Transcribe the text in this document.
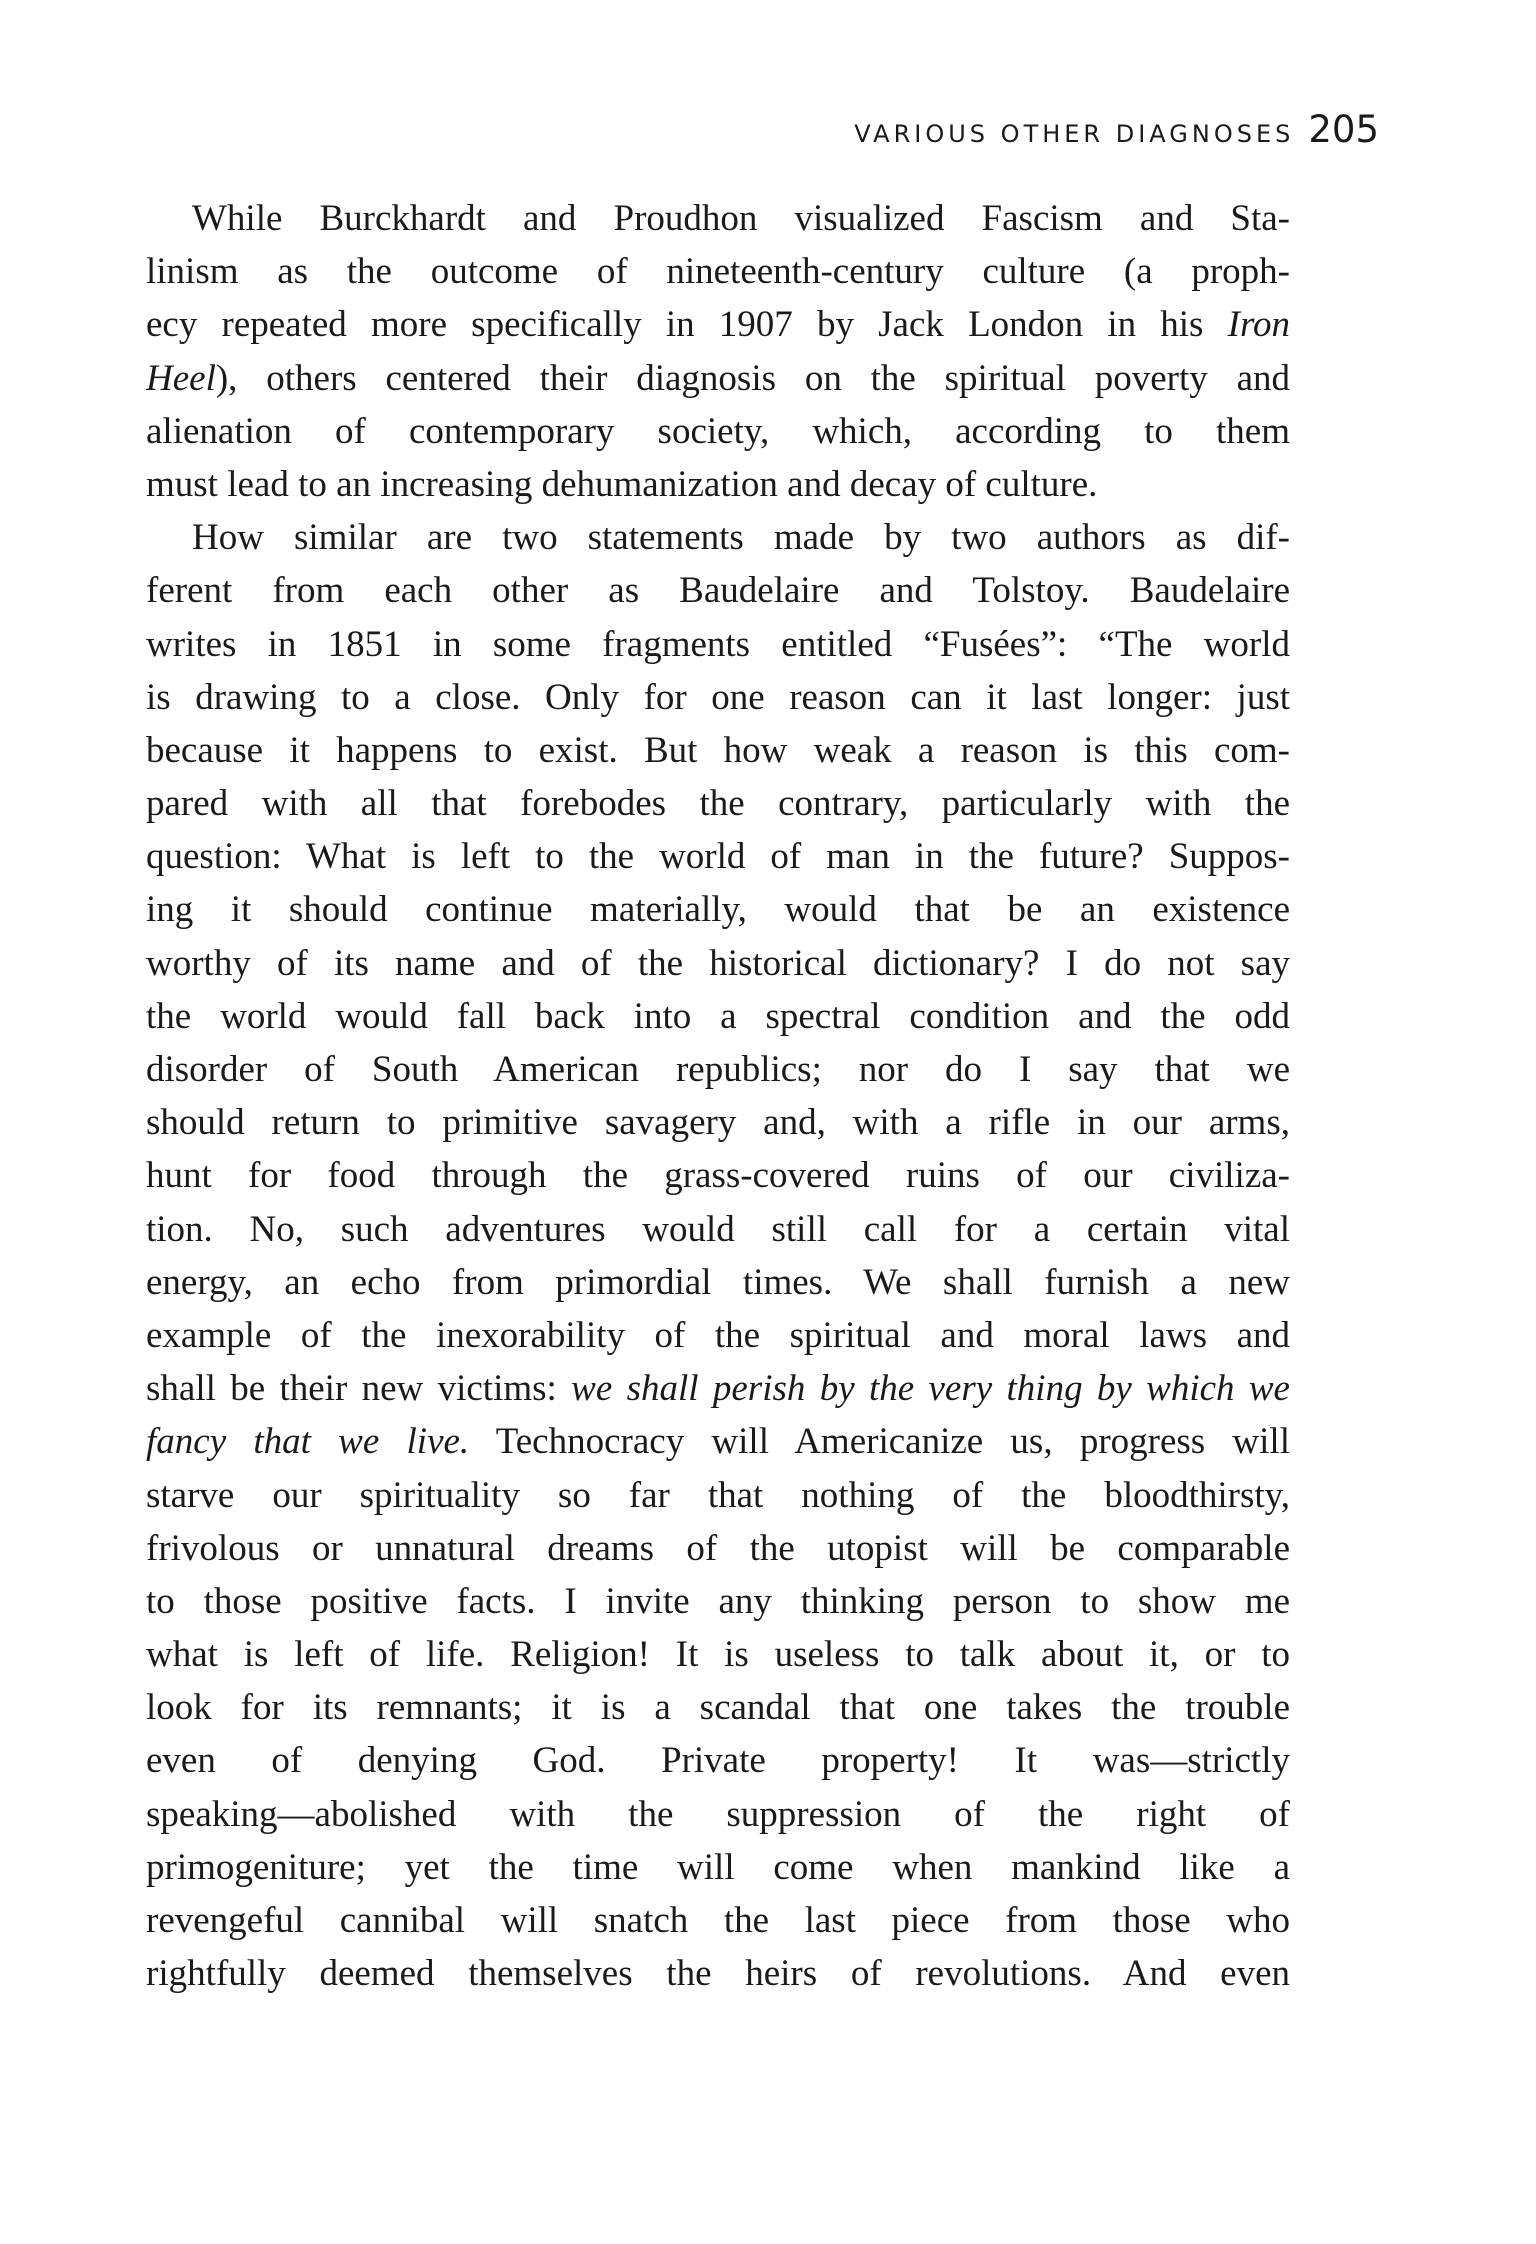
VARIOUS OTHER DIAGNOSES 205
While Burckhardt and Proudhon visualized Fascism and Sta-
linism as the outcome of nineteenth-century culture (a proph-
ecy repeated more specifically in 1907 by Jack London in his Iron
Heel), others centered their diagnosis on the spiritual poverty and
alienation of contemporary society, which, according to them
must lead to an increasing dehumanization and decay of culture.
How similar are two statements made by two authors as dif-
ferent from each other as Baudelaire and Tolstoy. Baudelaire
writes in 1851 in some fragments entitled “Fusées”: “The world
is drawing to a close. Only for one reason can it last longer: just
because it happens to exist. But how weak a reason is this com-
pared with all that forebodes the contrary, particularly with the
question: What is left to the world of man in the future? Suppos-
ing it should continue materially, would that be an existence
worthy of its name and of the historical dictionary? I do not say
the world would fall back into a spectral condition and the odd
disorder of South American republics; nor do I say that we
should return to primitive savagery and, with a rifle in our arms,
hunt for food through the grass-covered ruins of our civiliza-
tion. No, such adventures would still call for a certain vital
energy, an echo from primordial times. We shall furnish a new
example of the inexorability of the spiritual and moral laws and
shall be their new victims: we shall perish by the very thing by which we
fancy that we live. Technocracy will Americanize us, progress will
starve our spirituality so far that nothing of the bloodthirsty,
frivolous or unnatural dreams of the utopist will be comparable
to those positive facts. I invite any thinking person to show me
what is left of life. Religion! It is useless to talk about it, or to
look for its remnants; it is a scandal that one takes the trouble
even of denying God. Private property! It was—strictly
speaking—abolished with the suppression of the right of
primogeniture; yet the time will come when mankind like a
revengeful cannibal will snatch the last piece from those who
rightfully deemed themselves the heirs of revolutions. And even
